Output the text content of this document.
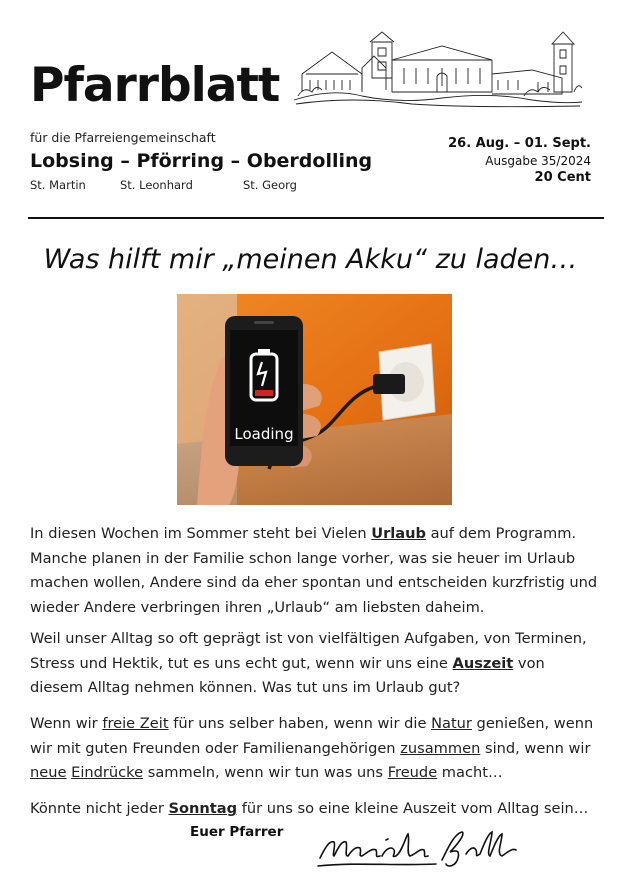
Pfarrblatt
für die Pfarreiengemeinschaft
Lobsing – Pförring – Oberdolling
St. Martin	St. Leonhard	St. Georg
26. Aug. – 01. Sept.
Ausgabe 35/2024
20 Cent
Was hilft mir „meinen Akku“ zu laden…
Loading

In diesen Wochen im Sommer steht bei Vielen Urlaub auf dem Programm. Manche planen in der Familie schon lange vorher, was sie heuer im Urlaub machen wollen, Andere sind da eher spontan und entscheiden kurzfristig und wieder Andere verbringen ihren „Urlaub“ am liebsten daheim.

Weil unser Alltag so oft geprägt ist von vielfältigen Aufgaben, von Terminen, Stress und Hektik, tut es uns echt gut, wenn wir uns eine Auszeit von diesem Alltag nehmen können. Was tut uns im Urlaub gut?

Wenn wir freie Zeit für uns selber haben, wenn wir die Natur genießen, wenn wir mit guten Freunden oder Familienangehörigen zusammen sind, wenn wir neue Eindrücke sammeln, wenn wir tun was uns Freude macht…

Könnte nicht jeder Sonntag für uns so eine kleine Auszeit vom Alltag sein…

Euer Pfarrer
